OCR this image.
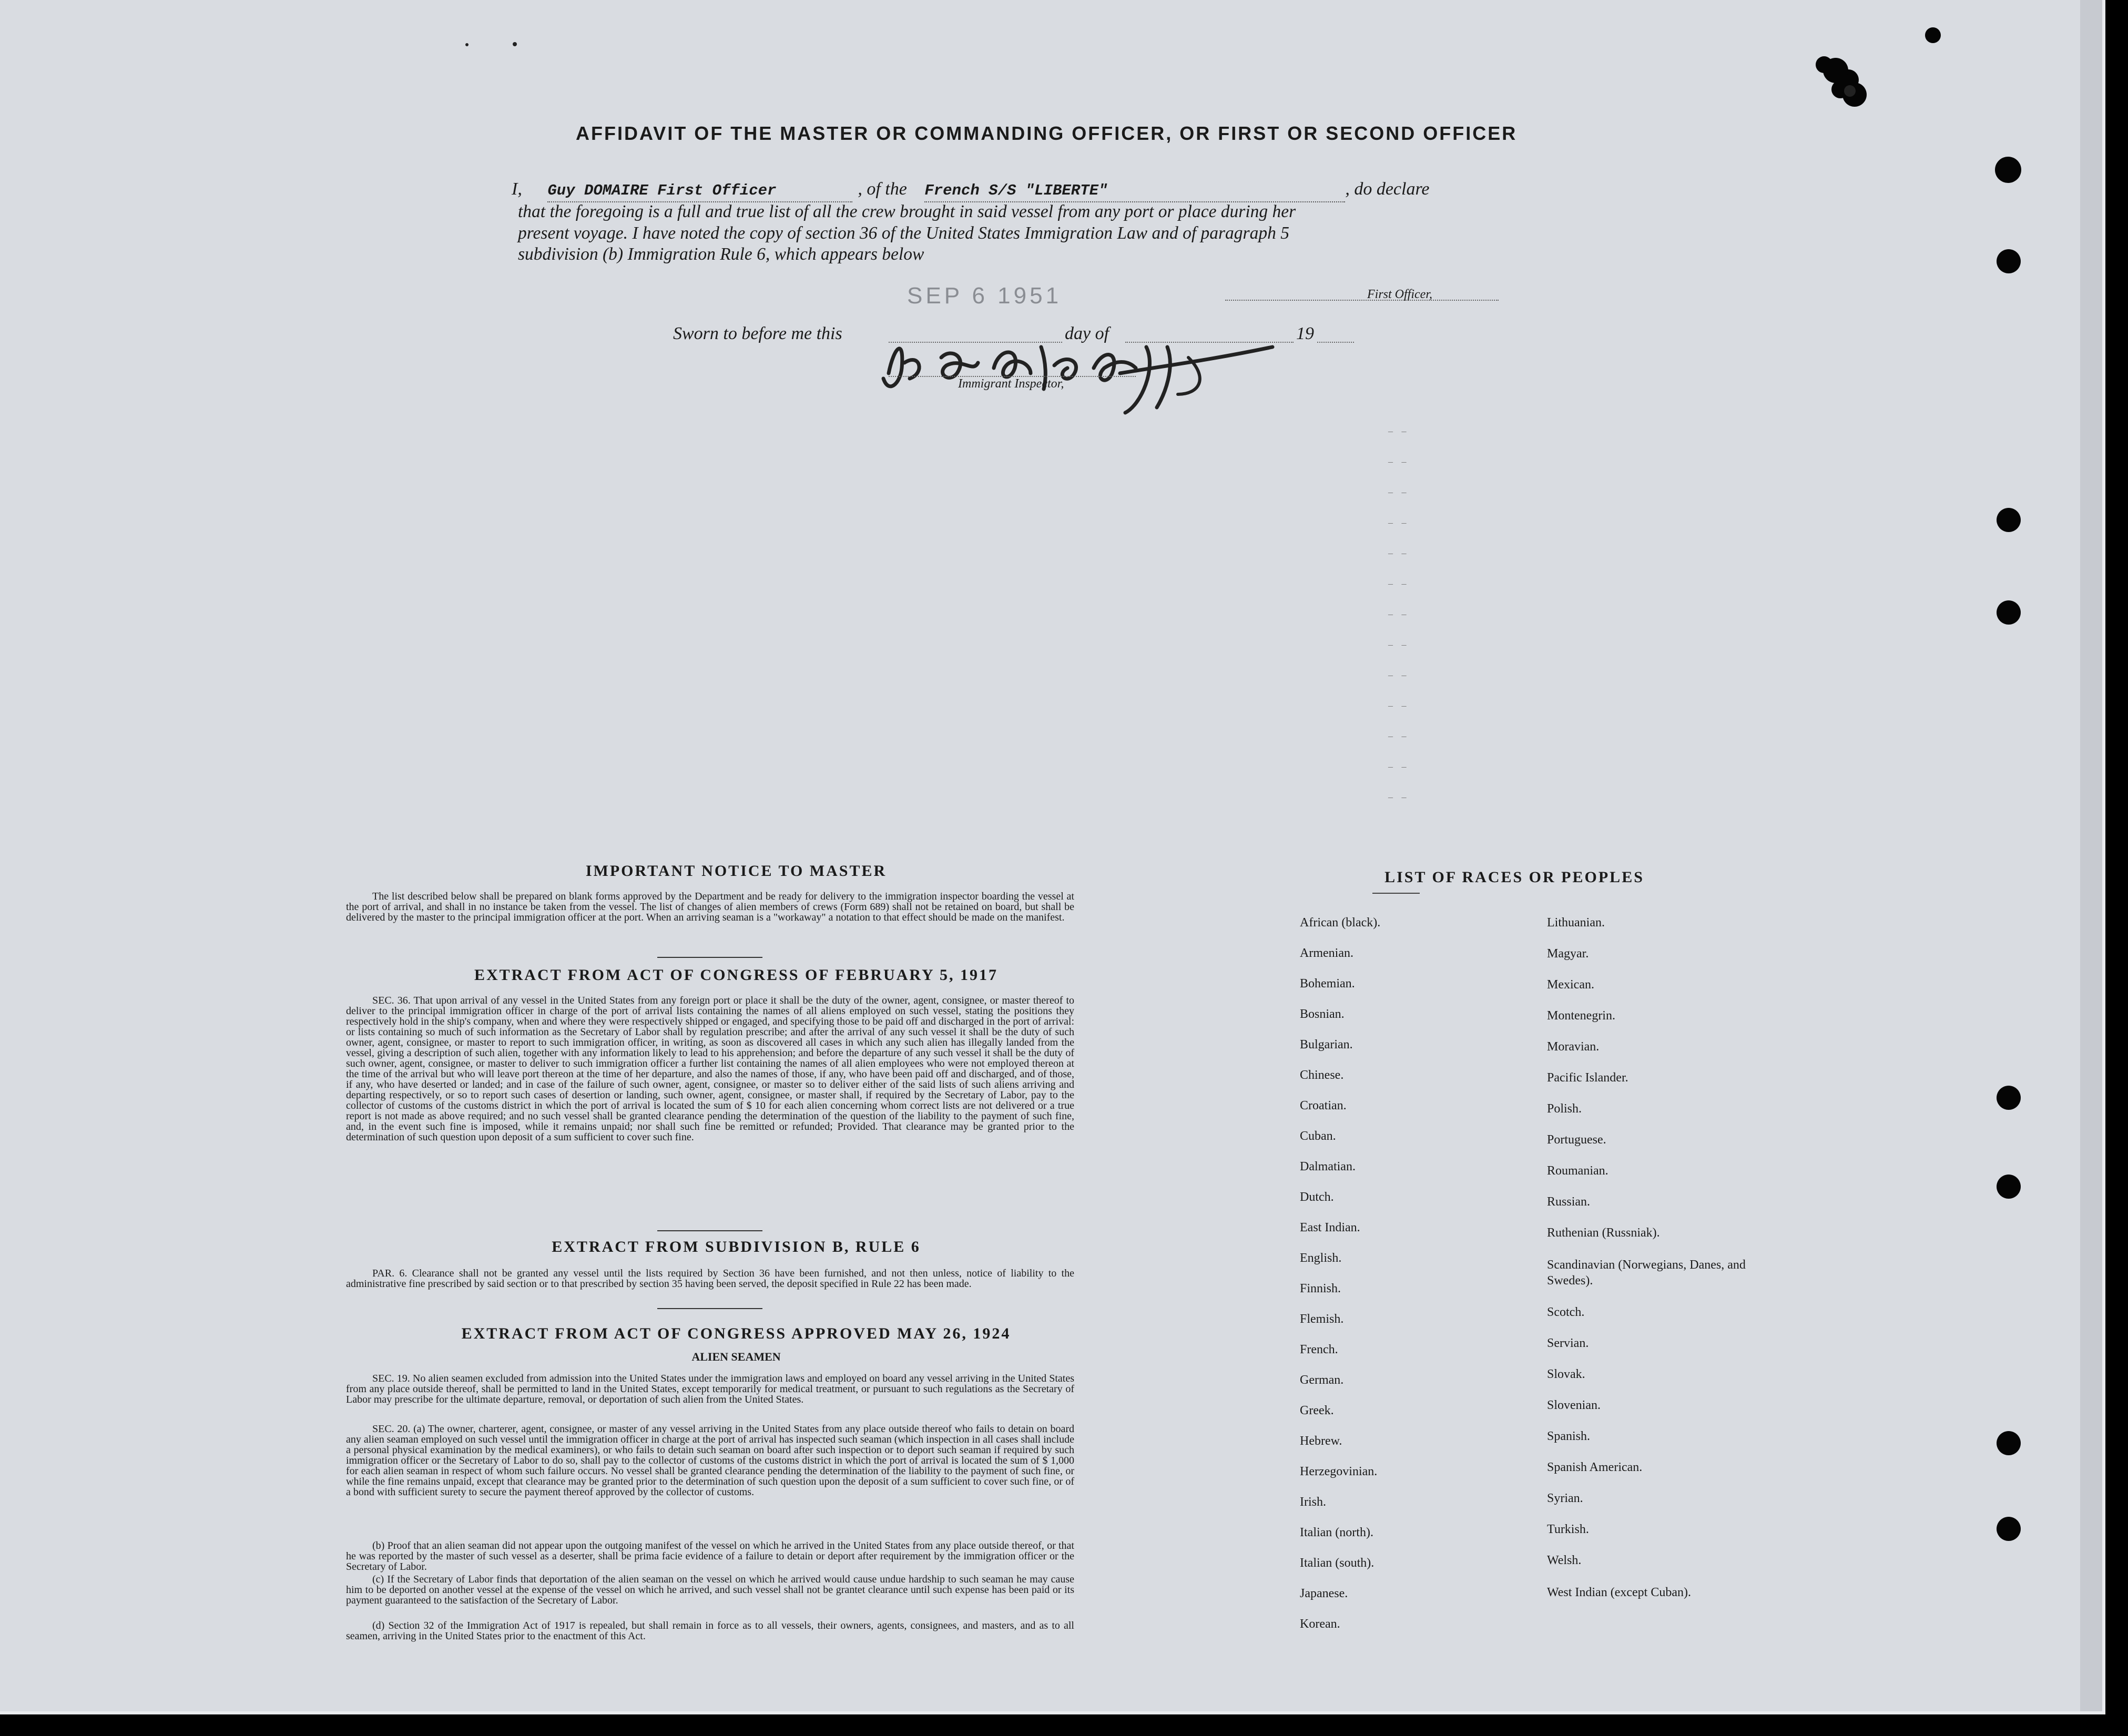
AFFIDAVIT OF THE MASTER OR COMMANDING OFFICER, OR FIRST OR SECOND OFFICER
I, Guy DOMAIRE First Officer	, of the French S/S "LIBERTE"	, do declare
that the foregoing is a full and true list of all the crew brought in said vessel from any port or place during her
present voyage. I have noted the copy of section 36 of the United States Immigration Law and of paragraph 5
subdivision (b) Immigration Rule 6, which appears below
First Officer,
SEP 6 1951
Sworn to before me this	day of	19
Immigrant Inspector,
– –
– –
– –
– –
– –
– –
– –
– –
– –
– –
– –
– –
– –
IMPORTANT NOTICE TO MASTER
The list described below shall be prepared on blank forms approved by the Department and be ready for delivery to the immigration inspector boarding the vessel at the port of arrival, and shall in no instance be taken from the vessel. The list of changes of alien members of crews (Form 689) shall not be retained on board, but shall be delivered by the master to the principal immigration officer at the port. When an arriving seaman is a "workaway" a notation to that effect should be made on the manifest.
EXTRACT FROM ACT OF CONGRESS OF FEBRUARY 5, 1917
SEC. 36. That upon arrival of any vessel in the United States from any foreign port or place it shall be the duty of the owner, agent, consignee, or master thereof to deliver to the principal immigration officer in charge of the port of arrival lists containing the names of all aliens employed on such vessel, stating the positions they respectively hold in the ship's company, when and where they were respectively shipped or engaged, and specifying those to be paid off and discharged in the port of arrival: or lists containing so much of such information as the Secretary of Labor shall by regulation prescribe; and after the arrival of any such vessel it shall be the duty of such owner, agent, consignee, or master to report to such immigration officer, in writing, as soon as discovered all cases in which any such alien has illegally landed from the vessel, giving a description of such alien, together with any information likely to lead to his apprehension; and before the departure of any such vessel it shall be the duty of such owner, agent, consignee, or master to deliver to such immigration officer a further list containing the names of all alien employees who were not employed thereon at the time of the arrival but who will leave port thereon at the time of her departure, and also the names of those, if any, who have been paid off and discharged, and of those, if any, who have deserted or landed; and in case of the failure of such owner, agent, consignee, or master so to deliver either of the said lists of such aliens arriving and departing respectively, or so to report such cases of desertion or landing, such owner, agent, consignee, or master shall, if required by the Secretary of Labor, pay to the collector of customs of the customs district in which the port of arrival is located the sum of $ 10 for each alien concerning whom correct lists are not delivered or a true report is not made as above required; and no such vessel shall be granted clearance pending the determination of the question of the liability to the payment of such fine, and, in the event such fine is imposed, while it remains unpaid; nor shall such fine be remitted or refunded; Provided. That clearance may be granted prior to the determination of such question upon deposit of a sum sufficient to cover such fine.
EXTRACT FROM SUBDIVISION B, RULE 6
PAR. 6. Clearance shall not be granted any vessel until the lists required by Section 36 have been furnished, and not then unless, notice of liability to the administrative fine prescribed by said section or to that prescribed by section 35 having been served, the deposit specified in Rule 22 has been made.
EXTRACT FROM ACT OF CONGRESS APPROVED MAY 26, 1924
ALIEN SEAMEN
SEC. 19. No alien seamen excluded from admission into the United States under the immigration laws and employed on board any vessel arriving in the United States from any place outside thereof, shall be permitted to land in the United States, except temporarily for medical treatment, or pursuant to such regulations as the Secretary of Labor may prescribe for the ultimate departure, removal, or deportation of such alien from the United States.
SEC. 20. (a) The owner, charterer, agent, consignee, or master of any vessel arriving in the United States from any place outside thereof who fails to detain on board any alien seaman employed on such vessel until the immigration officer in charge at the port of arrival has inspected such seaman (which inspection in all cases shall include a personal physical examination by the medical examiners), or who fails to detain such seaman on board after such inspection or to deport such seaman if required by such immigration officer or the Secretary of Labor to do so, shall pay to the collector of customs of the customs district in which the port of arrival is located the sum of $ 1,000 for each alien seaman in respect of whom such failure occurs. No vessel shall be granted clearance pending the determination of the liability to the payment of such fine, or while the fine remains unpaid, except that clearance may be granted prior to the determination of such question upon the deposit of a sum sufficient to cover such fine, or of a bond with sufficient surety to secure the payment thereof approved by the collector of customs.
(b) Proof that an alien seaman did not appear upon the outgoing manifest of the vessel on which he arrived in the United States from any place outside thereof, or that he was reported by the master of such vessel as a deserter, shall be prima facie evidence of a failure to detain or deport after requirement by the immigration officer or the Secretary of Labor.
(c) If the Secretary of Labor finds that deportation of the alien seaman on the vessel on which he arrived would cause undue hardship to such seaman he may cause him to be deported on another vessel at the expense of the vessel on which he arrived, and such vessel shall not be grantet clearance until such expense has been paid or its payment guaranteed to the satisfaction of the Secretary of Labor.
(d) Section 32 of the Immigration Act of 1917 is repealed, but shall remain in force as to all vessels, their owners, agents, consignees, and masters, and as to all seamen, arriving in the United States prior to the enactment of this Act.
LIST OF RACES OR PEOPLES
African (black).
Armenian.
Bohemian.
Bosnian.
Bulgarian.
Chinese.
Croatian.
Cuban.
Dalmatian.
Dutch.
East Indian.
English.
Finnish.
Flemish.
French.
German.
Greek.
Hebrew.
Herzegovinian.
Irish.
Italian (north).
Italian (south).
Japanese.
Korean.
Lithuanian.
Magyar.
Mexican.
Montenegrin.
Moravian.
Pacific Islander.
Polish.
Portuguese.
Roumanian.
Russian.
Ruthenian (Russniak).
Scandinavian (Norwegians, Danes, and Swedes).
Scotch.
Servian.
Slovak.
Slovenian.
Spanish.
Spanish American.
Syrian.
Turkish.
Welsh.
West Indian (except Cuban).
